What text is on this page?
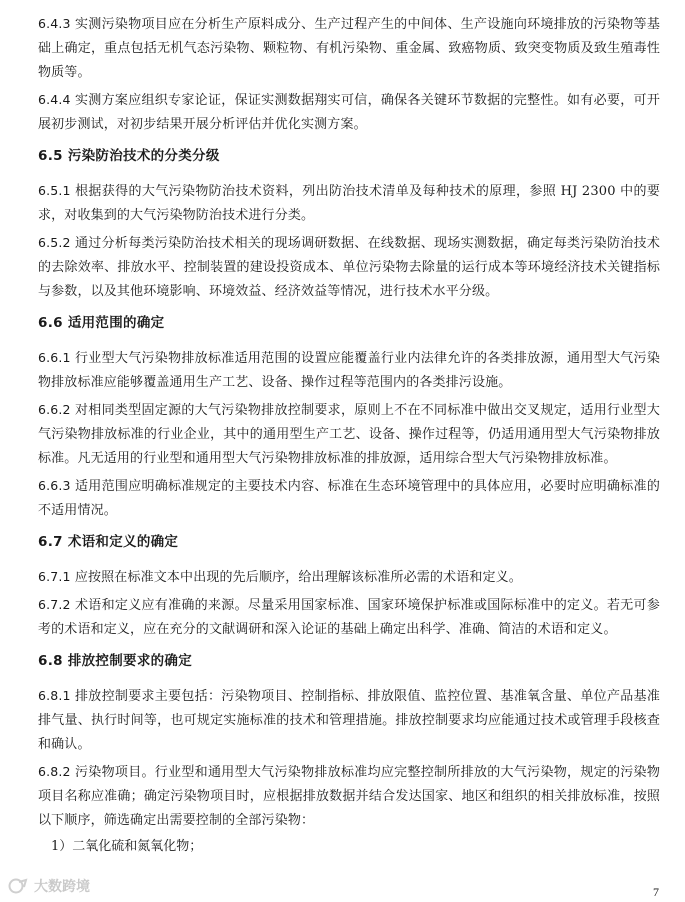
6.4.3 实测污染物项目应在分析生产原料成分、生产过程产生的中间体、生产设施向环境排放的污染物等基础上确定，重点包括无机气态污染物、颗粒物、有机污染物、重金属、致癌物质、致突变物质及致生殖毒性物质等。

6.4.4 实测方案应组织专家论证，保证实测数据翔实可信，确保各关键环节数据的完整性。如有必要，可开展初步测试，对初步结果开展分析评估并优化实测方案。

6.5 污染防治技术的分类分级

6.5.1 根据获得的大气污染物防治技术资料，列出防治技术清单及每种技术的原理，参照 HJ 2300 中的要求，对收集到的大气污染物防治技术进行分类。

6.5.2 通过分析每类污染防治技术相关的现场调研数据、在线数据、现场实测数据，确定每类污染防治技术的去除效率、排放水平、控制装置的建设投资成本、单位污染物去除量的运行成本等环境经济技术关键指标与参数，以及其他环境影响、环境效益、经济效益等情况，进行技术水平分级。

6.6 适用范围的确定

6.6.1 行业型大气污染物排放标准适用范围的设置应能覆盖行业内法律允许的各类排放源，通用型大气污染物排放标准应能够覆盖通用生产工艺、设备、操作过程等范围内的各类排污设施。

6.6.2 对相同类型固定源的大气污染物排放控制要求，原则上不在不同标准中做出交叉规定，适用行业型大气污染物排放标准的行业企业，其中的通用型生产工艺、设备、操作过程等，仍适用通用型大气污染物排放标准。凡无适用的行业型和通用型大气污染物排放标准的排放源，适用综合型大气污染物排放标准。

6.6.3 适用范围应明确标准规定的主要技术内容、标准在生态环境管理中的具体应用，必要时应明确标准的不适用情况。

6.7 术语和定义的确定

6.7.1 应按照在标准文本中出现的先后顺序，给出理解该标准所必需的术语和定义。

6.7.2 术语和定义应有准确的来源。尽量采用国家标准、国家环境保护标准或国际标准中的定义。若无可参考的术语和定义，应在充分的文献调研和深入论证的基础上确定出科学、准确、简洁的术语和定义。

6.8 排放控制要求的确定

6.8.1 排放控制要求主要包括：污染物项目、控制指标、排放限值、监控位置、基准氧含量、单位产品基准排气量、执行时间等，也可规定实施标准的技术和管理措施。排放控制要求均应能通过技术或管理手段核查和确认。

6.8.2 污染物项目。行业型和通用型大气污染物排放标准均应完整控制所排放的大气污染物，规定的污染物项目名称应准确；确定污染物项目时，应根据排放数据并结合发达国家、地区和组织的相关排放标准，按照以下顺序，筛选确定出需要控制的全部污染物：

1）二氧化硫和氮氧化物；
大数跨境	7
